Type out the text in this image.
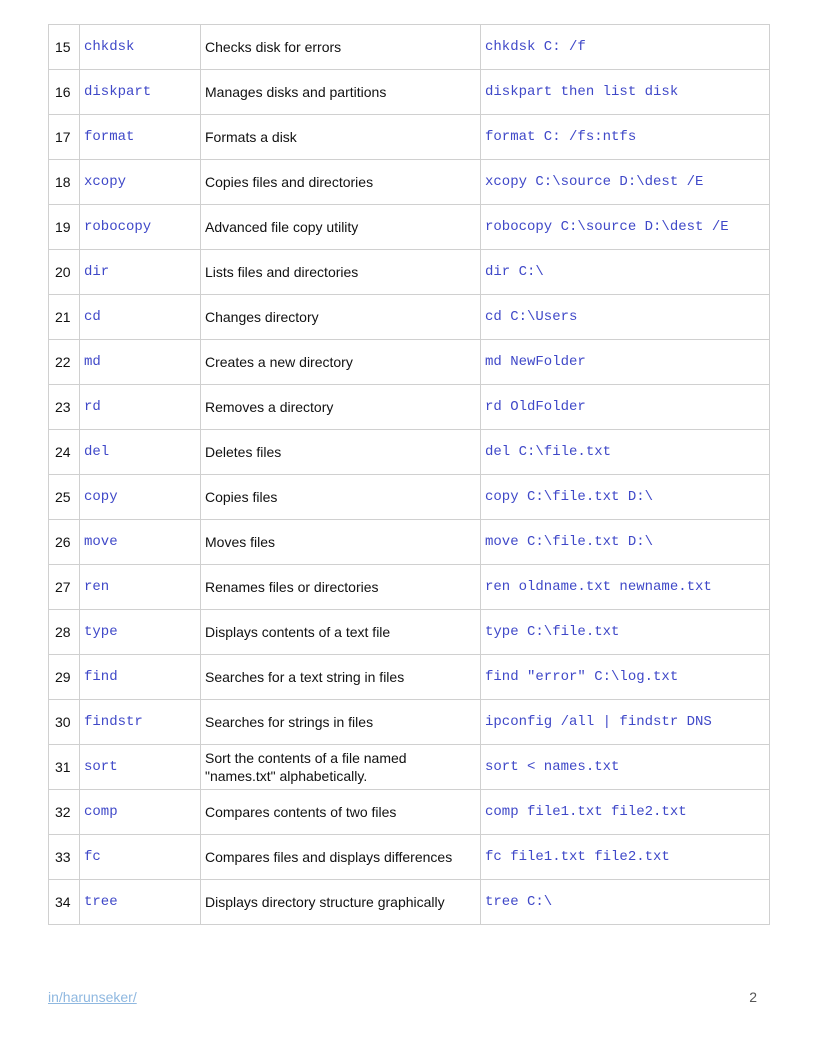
15	chkdsk	Checks disk for errors	chkdsk C: /f
16	diskpart	Manages disks and partitions	diskpart then list disk
17	format	Formats a disk	format C: /fs:ntfs
18	xcopy	Copies files and directories	xcopy C:\source D:\dest /E
19	robocopy	Advanced file copy utility	robocopy C:\source D:\dest /E
20	dir	Lists files and directories	dir C:\
21	cd	Changes directory	cd C:\Users
22	md	Creates a new directory	md NewFolder
23	rd	Removes a directory	rd OldFolder
24	del	Deletes files	del C:\file.txt
25	copy	Copies files	copy C:\file.txt D:\
26	move	Moves files	move C:\file.txt D:\
27	ren	Renames files or directories	ren oldname.txt newname.txt
28	type	Displays contents of a text file	type C:\file.txt
29	find	Searches for a text string in files	find "error" C:\log.txt
30	findstr	Searches for strings in files	ipconfig /all | findstr DNS
31	sort	Sort the contents of a file named "names.txt" alphabetically.	sort < names.txt
32	comp	Compares contents of two files	comp file1.txt file2.txt
33	fc	Compares files and displays differences	fc file1.txt file2.txt
34	tree	Displays directory structure graphically	tree C:\
in/harunseker/	2
